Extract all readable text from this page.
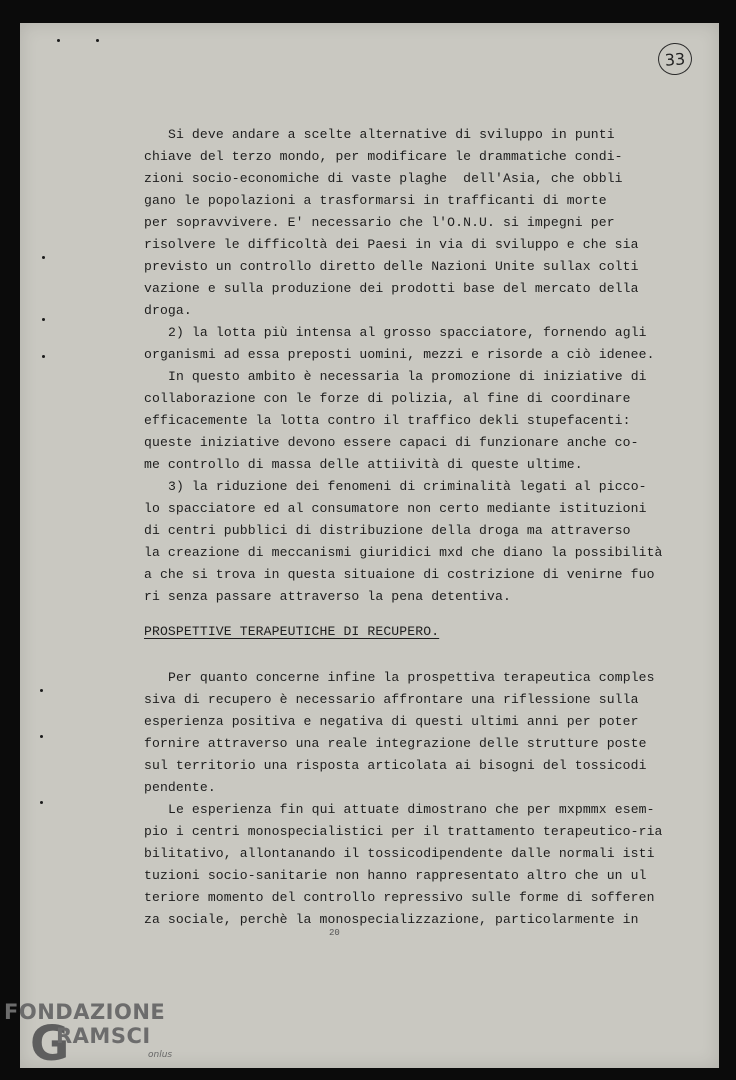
33
Si deve andare a scelte alternative di sviluppo in punti
chiave del terzo mondo, per modificare le drammatiche condi-
zioni socio-economiche di vaste plaghe  dell'Asia, che obbli
gano le popolazioni a trasformarsi in trafficanti di morte
per sopravvivere. E' necessario che l'O.N.U. si impegni per
risolvere le difficoltà dei Paesi in via di sviluppo e che sia
previsto un controllo diretto delle Nazioni Unite sullax colti
vazione e sulla produzione dei prodotti base del mercato della
droga.
2) la lotta più intensa al grosso spacciatore, fornendo agli
organismi ad essa preposti uomini, mezzi e risorde a ciò idenee.
In questo ambito è necessaria la promozione di iniziative di
collaborazione con le forze di polizia, al fine di coordinare
efficacemente la lotta contro il traffico dekli stupefacenti:
queste iniziative devono essere capaci di funzionare anche co-
me controllo di massa delle attiività di queste ultime.
3) la riduzione dei fenomeni di criminalità legati al picco-
lo spacciatore ed al consumatore non certo mediante istituzioni
di centri pubblici di distribuzione della droga ma attraverso
la creazione di meccanismi giuridici mxd che diano la possibilità
a che si trova in questa situaione di costrizione di venirne fuo
ri senza passare attraverso la pena detentiva.
PROSPETTIVE TERAPEUTICHE DI RECUPERO.
Per quanto concerne infine la prospettiva terapeutica comples
siva di recupero è necessario affrontare una riflessione sulla
esperienza positiva e negativa di questi ultimi anni per poter
fornire attraverso una reale integrazione delle strutture poste
sul territorio una risposta articolata ai bisogni del tossicodi
pendente.
Le esperienza fin qui attuate dimostrano che per mxpmmx esem-
pio i centri monospecialistici per il trattamento terapeutico-ria
bilitativo, allontanando il tossicodipendente dalle normali isti
tuzioni socio-sanitarie non hanno rappresentato altro che un ul
teriore momento del controllo repressivo sulle forme di sofferen
za sociale, perchè la monospecializzazione, particolarmente in
20
FONDAZIONE
G
RAMSCI
onlus
